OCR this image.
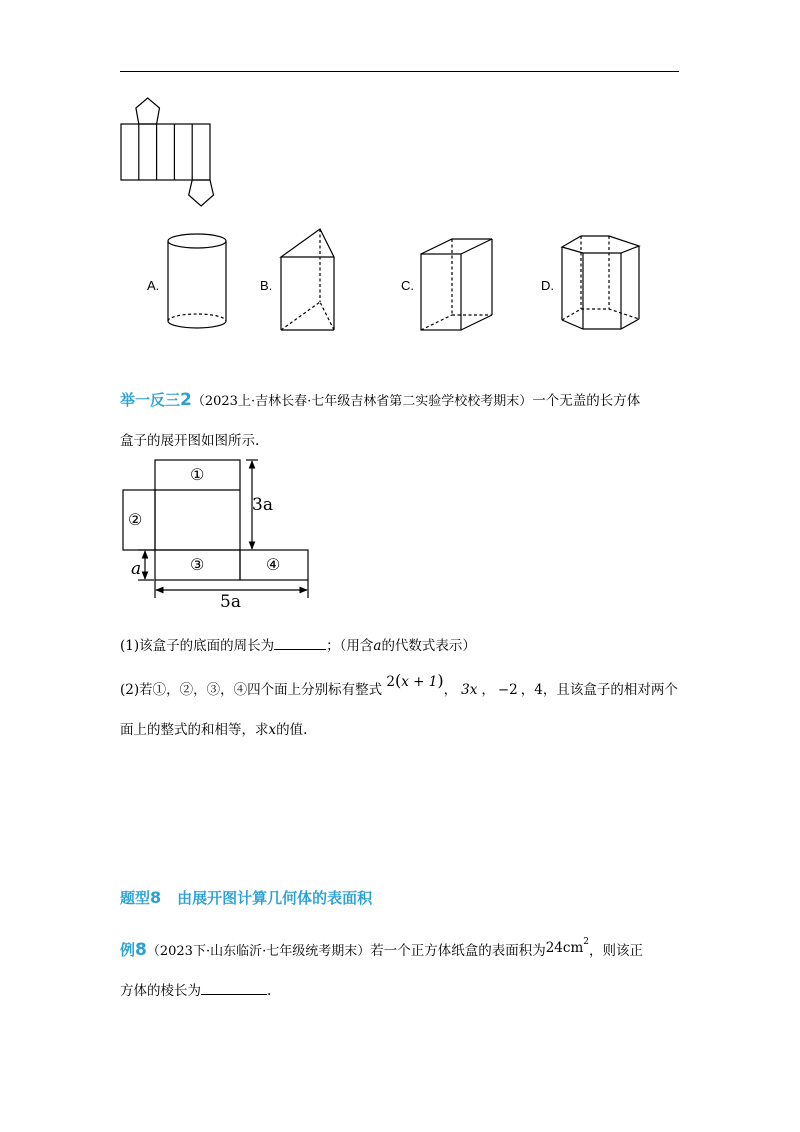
A.	B.	C.	D.
举一反三2（2023上·吉林长春·七年级吉林省第二实验学校校考期末）一个无盖的长方体
盒子的展开图如图所示.
①
②
③	④
3a
5a
a
(1)该盒子的底面的周长为	；（用含a的代数式表示）
(2)若①，②，③，④四个面上分别标有整式 2(x + 1)， 3x ， −2 ，4，且该盒子的相对两个
面上的整式的和相等，求x的值.
题型8 由展开图计算几何体的表面积
例8（2023下·山东临沂·七年级统考期末）若一个正方体纸盒的表面积为$24cm^2$，则该正
方体的棱长为	.
